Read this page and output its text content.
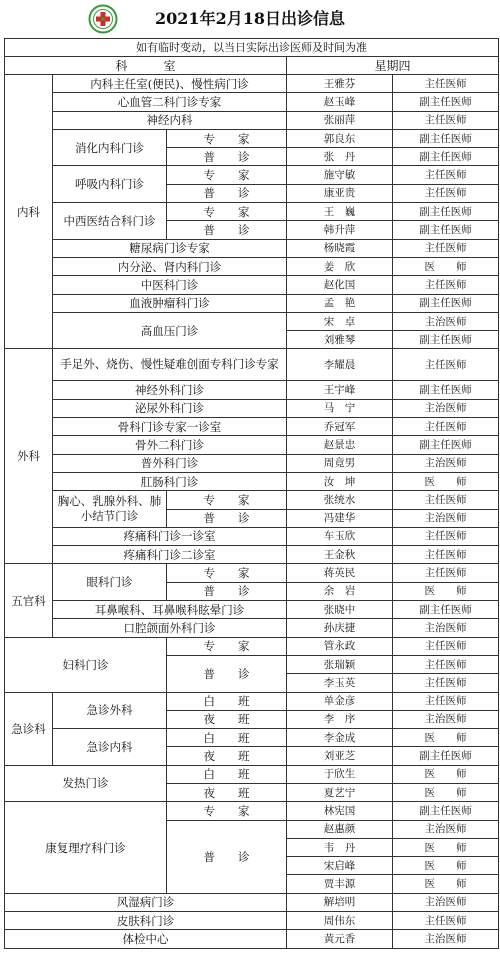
2021年2月18日出诊信息
如有临时变动，以当日实际出诊医师及时间为准				
科　　　室			星期四	
内科	内科主任室(便民)、慢性病门诊		王雅芬	主任医师
	心血管二科门诊专家		赵玉峰	副主任医师
	神经内科		张丽萍	主任医师
	消化内科门诊	专　　家	郭良东	副主任医师
		普　　诊	张　丹	副主任医师
	呼吸内科门诊	专　　家	施守敏	主任医师
		普　　诊	康亚贵	主任医师
	中西医结合科门诊	专　　家	王　巍	副主任医师
		普　　诊	韩升萍	副主任医师
	糖尿病门诊专家		杨晓霞	主任医师
	内分泌、肾内科门诊		姜　欣	医　　师
	中医科门诊		赵化国	主任医师
	血液肿瘤科门诊		孟　艳	副主任医师
	高血压门诊		宋　卓	主治医师
			刘雅琴	副主任医师
外科	手足外、烧伤、慢性疑难创面专科门诊专家		李耀晨	主任医师
	神经外科门诊		王宇峰	副主任医师
	泌尿外科门诊		马　宁	主治医师
	骨科门诊专家一诊室		乔冠军	主任医师
	骨外二科门诊		赵景忠	副主任医师
	普外科门诊		周竟男	主治医师
	肛肠科门诊		汝　坤	医　　师
	胸心、乳腺外科、肺小结节门诊	专　　家	张统水	主任医师
		普　　诊	冯建华	主治医师
	疼痛科门诊一诊室		车玉欣	主任医师
	疼痛科门诊二诊室		王金秋	主任医师
五官科	眼科门诊	专　　家	蒋英民	主任医师
		普　　诊	余　岩	医　　师
	耳鼻喉科、耳鼻喉科眩晕门诊		张晓中	副主任医师
	口腔颌面外科门诊		孙庆捷	主治医师
妇科门诊		专　　家	管永政	主任医师
		普　　诊	张瑞颖	主任医师
			李玉英	主任医师
急诊科	急诊外科	白　　班	单金彦	主任医师
		夜　　班	李　序	主治医师
	急诊内科	白　　班	李金成	医　　师
		夜　　班	刘亚芝	副主任医师
发热门诊		白　　班	于欣生	医　　师
		夜　　班	夏艺宁	医　　师
康复理疗科门诊		专　　家	林宪国	副主任医师
		普　　诊	赵惠颜	主治医师
			韦　丹	医　　师
			宋启峰	医　　师
			贾丰源	医　　师
风湿病门诊			解培明	主治医师
皮肤科门诊			周伟东	主任医师
体检中心			黄元香	主治医师
